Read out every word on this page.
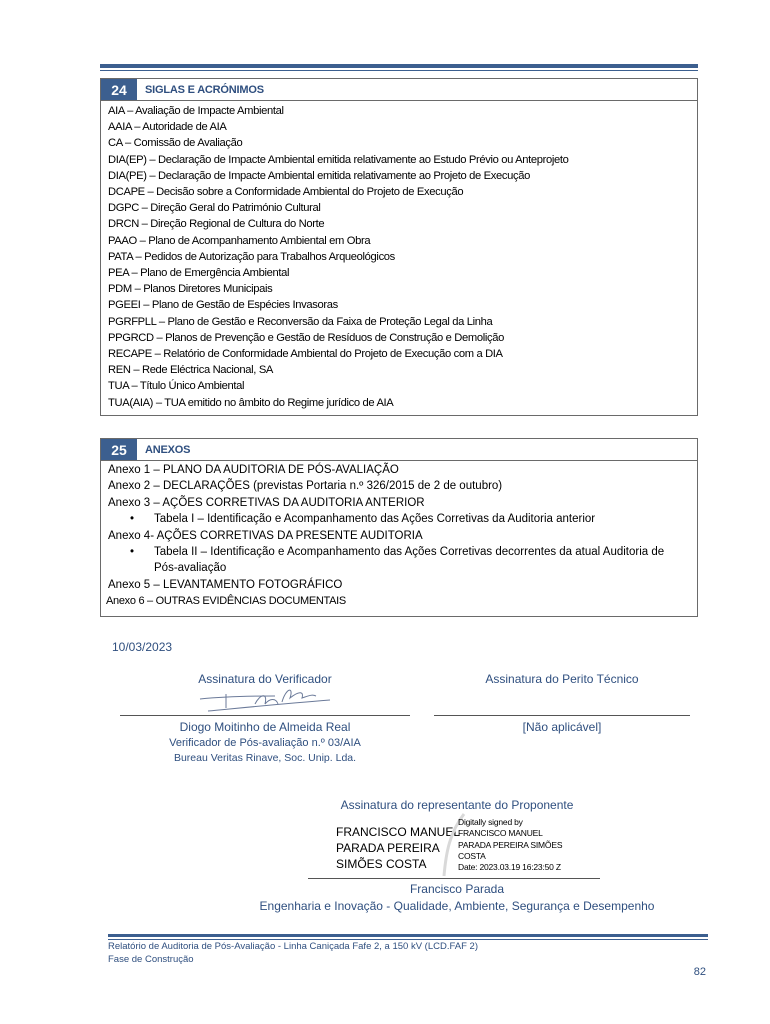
24	SIGLAS E ACRÓNIMOS
AIA – Avaliação de Impacte Ambiental
AAIA – Autoridade de AIA
CA – Comissão de Avaliação
DIA(EP) – Declaração de Impacte Ambiental emitida relativamente ao Estudo Prévio ou Anteprojeto
DIA(PE) – Declaração de Impacte Ambiental emitida relativamente ao Projeto de Execução
DCAPE – Decisão sobre a Conformidade Ambiental do Projeto de Execução
DGPC – Direção Geral do Património Cultural
DRCN – Direção Regional de Cultura do Norte
PAAO – Plano de Acompanhamento Ambiental em Obra
PATA – Pedidos de Autorização para Trabalhos Arqueológicos
PEA – Plano de Emergência Ambiental
PDM – Planos Diretores Municipais
PGEEI – Plano de Gestão de Espécies Invasoras
PGRFPLL – Plano de Gestão e Reconversão da Faixa de Proteção Legal da Linha
PPGRCD – Planos de Prevenção e Gestão de Resíduos de Construção e Demolição
RECAPE – Relatório de Conformidade Ambiental do Projeto de Execução com a DIA
REN – Rede Eléctrica Nacional, SA
TUA – Título Único Ambiental
TUA(AIA) – TUA emitido no âmbito do Regime jurídico de AIA
25	ANEXOS
Anexo 1 – PLANO DA AUDITORIA DE PÓS-AVALIAÇÃO
Anexo 2 – DECLARAÇÕES (previstas Portaria n.º 326/2015 de 2 de outubro)
Anexo 3 – AÇÕES CORRETIVAS DA AUDITORIA ANTERIOR
•	Tabela I – Identificação e Acompanhamento das Ações Corretivas da Auditoria anterior
Anexo 4- AÇÕES CORRETIVAS DA PRESENTE AUDITORIA
•	Tabela II – Identificação e Acompanhamento das Ações Corretivas decorrentes da atual Auditoria de Pós-avaliação
Anexo 5 – LEVANTAMENTO FOTOGRÁFICO
Anexo 6 – OUTRAS EVIDÊNCIAS DOCUMENTAIS
10/03/2023
Assinatura do Verificador
Diogo Real
Diogo Moitinho de Almeida Real
Verificador de Pós-avaliação n.º 03/AIA
Bureau Veritas Rinave, Soc. Unip. Lda.
Assinatura do Perito Técnico
[Não aplicável]
Assinatura do representante do Proponente
FRANCISCO MANUEL
PARADA PEREIRA
SIMÕES COSTA
Digitally signed by
FRANCISCO MANUEL
PARADA PEREIRA SIMÕES
COSTA
Date: 2023.03.19 16:23:50 Z
Francisco Parada
Engenharia e Inovação - Qualidade, Ambiente, Segurança e Desempenho
Relatório de Auditoria de Pós-Avaliação - Linha Caniçada Fafe 2, a 150 kV (LCD.FAF 2)
Fase de Construção
82
